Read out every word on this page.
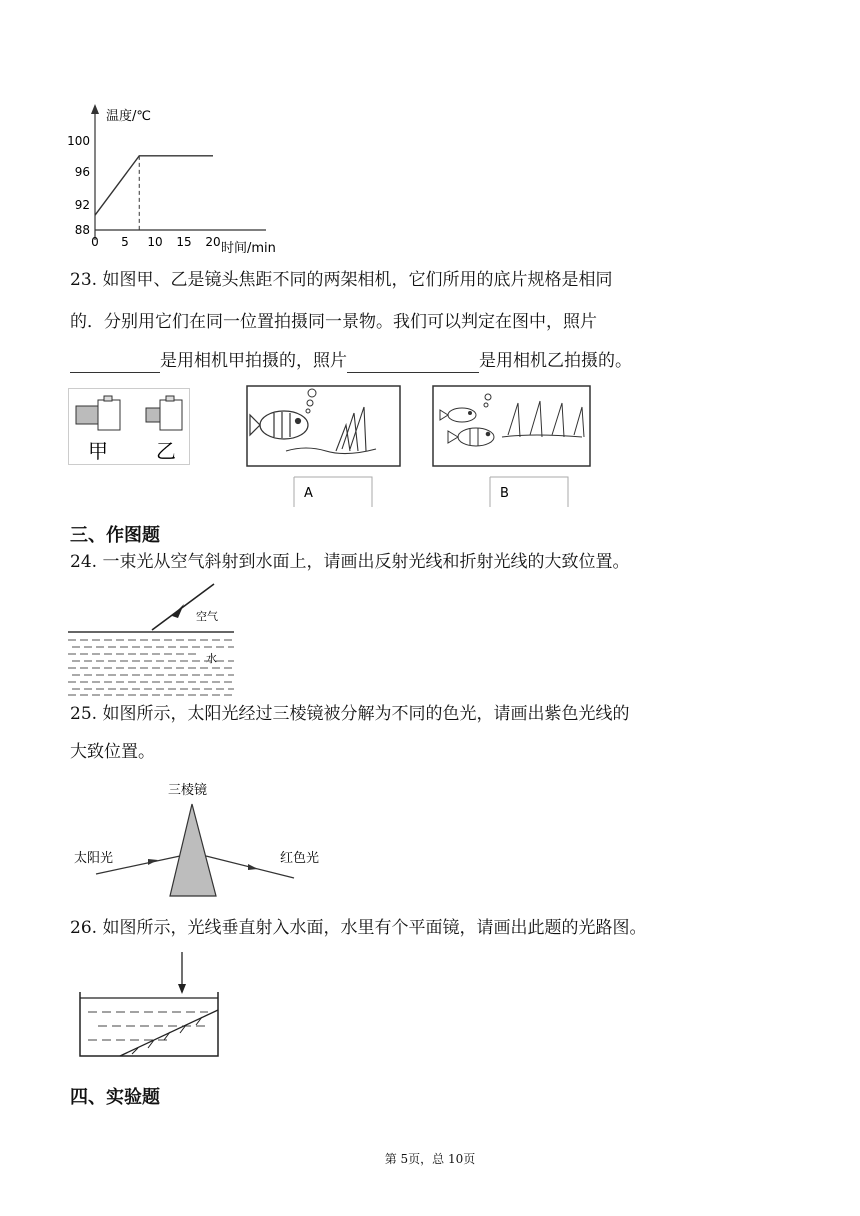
温度/℃
时间/min
100
96
92
88
0 5 10 15 20
23. 如图甲、乙是镜头焦距不同的两架相机，它们所用的底片规格是相同
的．分别用它们在同一位置拍摄同一景物。我们可以判定在图中，照片
是用相机甲拍摄的，照片	是用相机乙拍摄的。
甲 乙
A	B
三、作图题
24. 一束光从空气斜射到水面上，请画出反射光线和折射光线的大致位置。
空气
水
25. 如图所示，太阳光经过三棱镜被分解为不同的色光，请画出紫色光线的
大致位置。
三棱镜
太阳光	红色光
26. 如图所示，光线垂直射入水面，水里有个平面镜，请画出此题的光路图。
四、实验题
第 5页，总 10页
